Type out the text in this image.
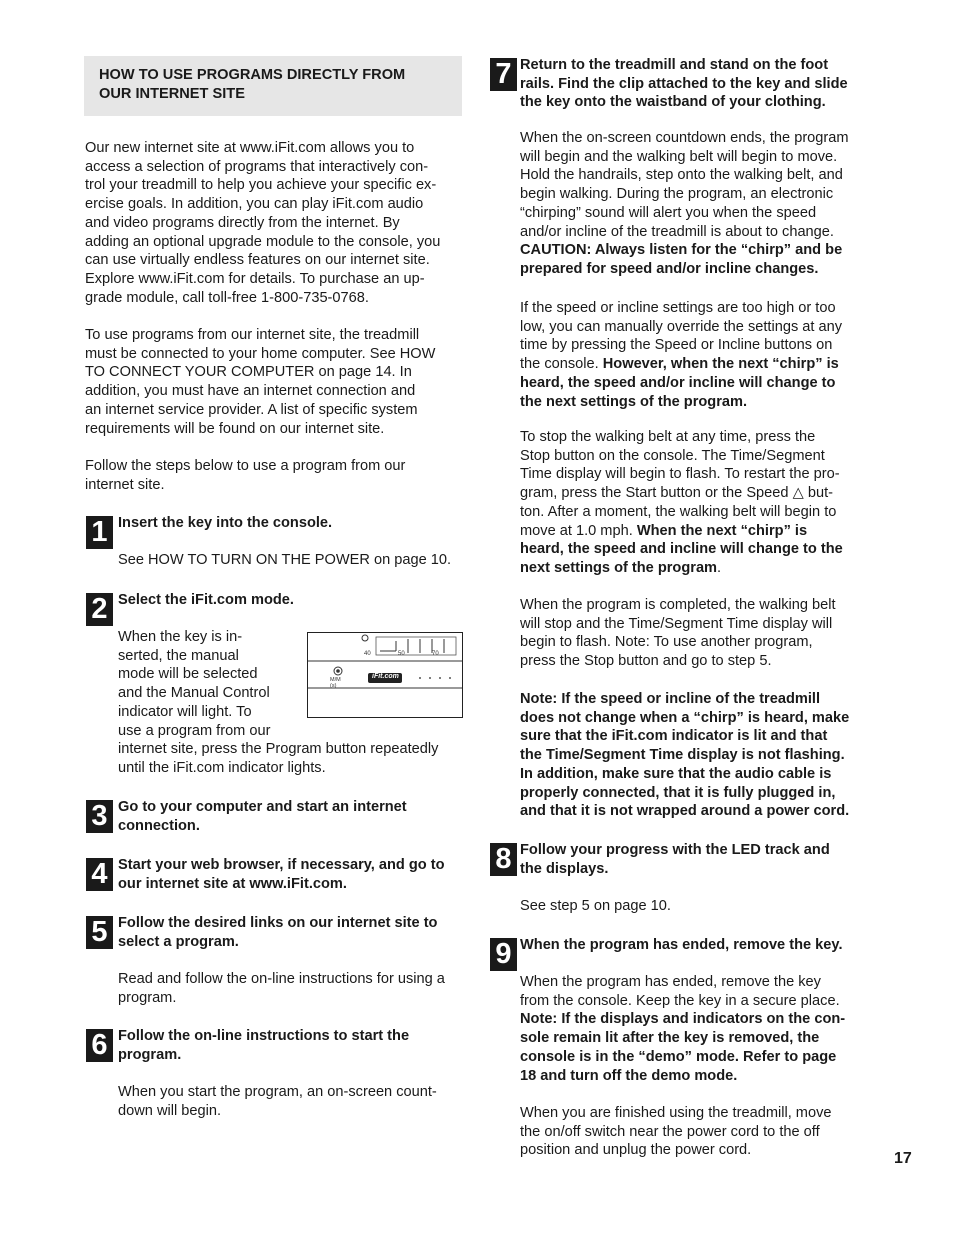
HOW TO USE PROGRAMS DIRECTLY FROM
OUR INTERNET SITE
Our new internet site at www.iFit.com allows you to
access a selection of programs that interactively con-
trol your treadmill to help you achieve your specific ex-
ercise goals. In addition, you can play iFit.com audio
and video programs directly from the internet. By
adding an optional upgrade module to the console, you
can use virtually endless features on our internet site.
Explore www.iFit.com for details. To purchase an up-
grade module, call toll-free 1-800-735-0768.
To use programs from our internet site, the treadmill
must be connected to your home computer. See HOW
TO CONNECT YOUR COMPUTER on page 14. In
addition, you must have an internet connection and
an internet service provider. A list of specific system
requirements will be found on our internet site.
Follow the steps below to use a program from our
internet site.
1 Insert the key into the console.
See HOW TO TURN ON THE POWER on page 10.
2 Select the iFit.com mode.
When the key is in-
serted, the manual
mode will be selected
and the Manual Control
indicator will light. To
use a program from our
internet site, press the Program button repeatedly
until the iFit.com indicator lights.
40	50	70
M/M
(s)
iFit.com
3 Go to your computer and start an internet
connection.
4 Start your web browser, if necessary, and go to
our internet site at www.iFit.com.
5 Follow the desired links on our internet site to
select a program.
Read and follow the on-line instructions for using a
program.
6 Follow the on-line instructions to start the
program.
When you start the program, an on-screen count-
down will begin.
7 Return to the treadmill and stand on the foot
rails. Find the clip attached to the key and slide
the key onto the waistband of your clothing.
When the on-screen countdown ends, the program
will begin and the walking belt will begin to move.
Hold the handrails, step onto the walking belt, and
begin walking. During the program, an electronic
“chirping” sound will alert you when the speed
and/or incline of the treadmill is about to change.
CAUTION: Always listen for the “chirp” and be
prepared for speed and/or incline changes.
If the speed or incline settings are too high or too
low, you can manually override the settings at any
time by pressing the Speed or Incline buttons on
the console. However, when the next “chirp” is
heard, the speed and/or incline will change to
the next settings of the program.
To stop the walking belt at any time, press the
Stop button on the console. The Time/Segment
Time display will begin to flash. To restart the pro-
gram, press the Start button or the Speed △ but-
ton. After a moment, the walking belt will begin to
move at 1.0 mph. When the next “chirp” is
heard, the speed and incline will change to the
next settings of the program.
When the program is completed, the walking belt
will stop and the Time/Segment Time display will
begin to flash. Note: To use another program,
press the Stop button and go to step 5.
Note: If the speed or incline of the treadmill
does not change when a “chirp” is heard, make
sure that the iFit.com indicator is lit and that
the Time/Segment Time display is not flashing.
In addition, make sure that the audio cable is
properly connected, that it is fully plugged in,
and that it is not wrapped around a power cord.
8 Follow your progress with the LED track and
the displays.
See step 5 on page 10.
9 When the program has ended, remove the key.
When the program has ended, remove the key
from the console. Keep the key in a secure place.
Note: If the displays and indicators on the con-
sole remain lit after the key is removed, the
console is in the “demo” mode. Refer to page
18 and turn off the demo mode.
When you are finished using the treadmill, move
the on/off switch near the power cord to the off
position and unplug the power cord.	17
